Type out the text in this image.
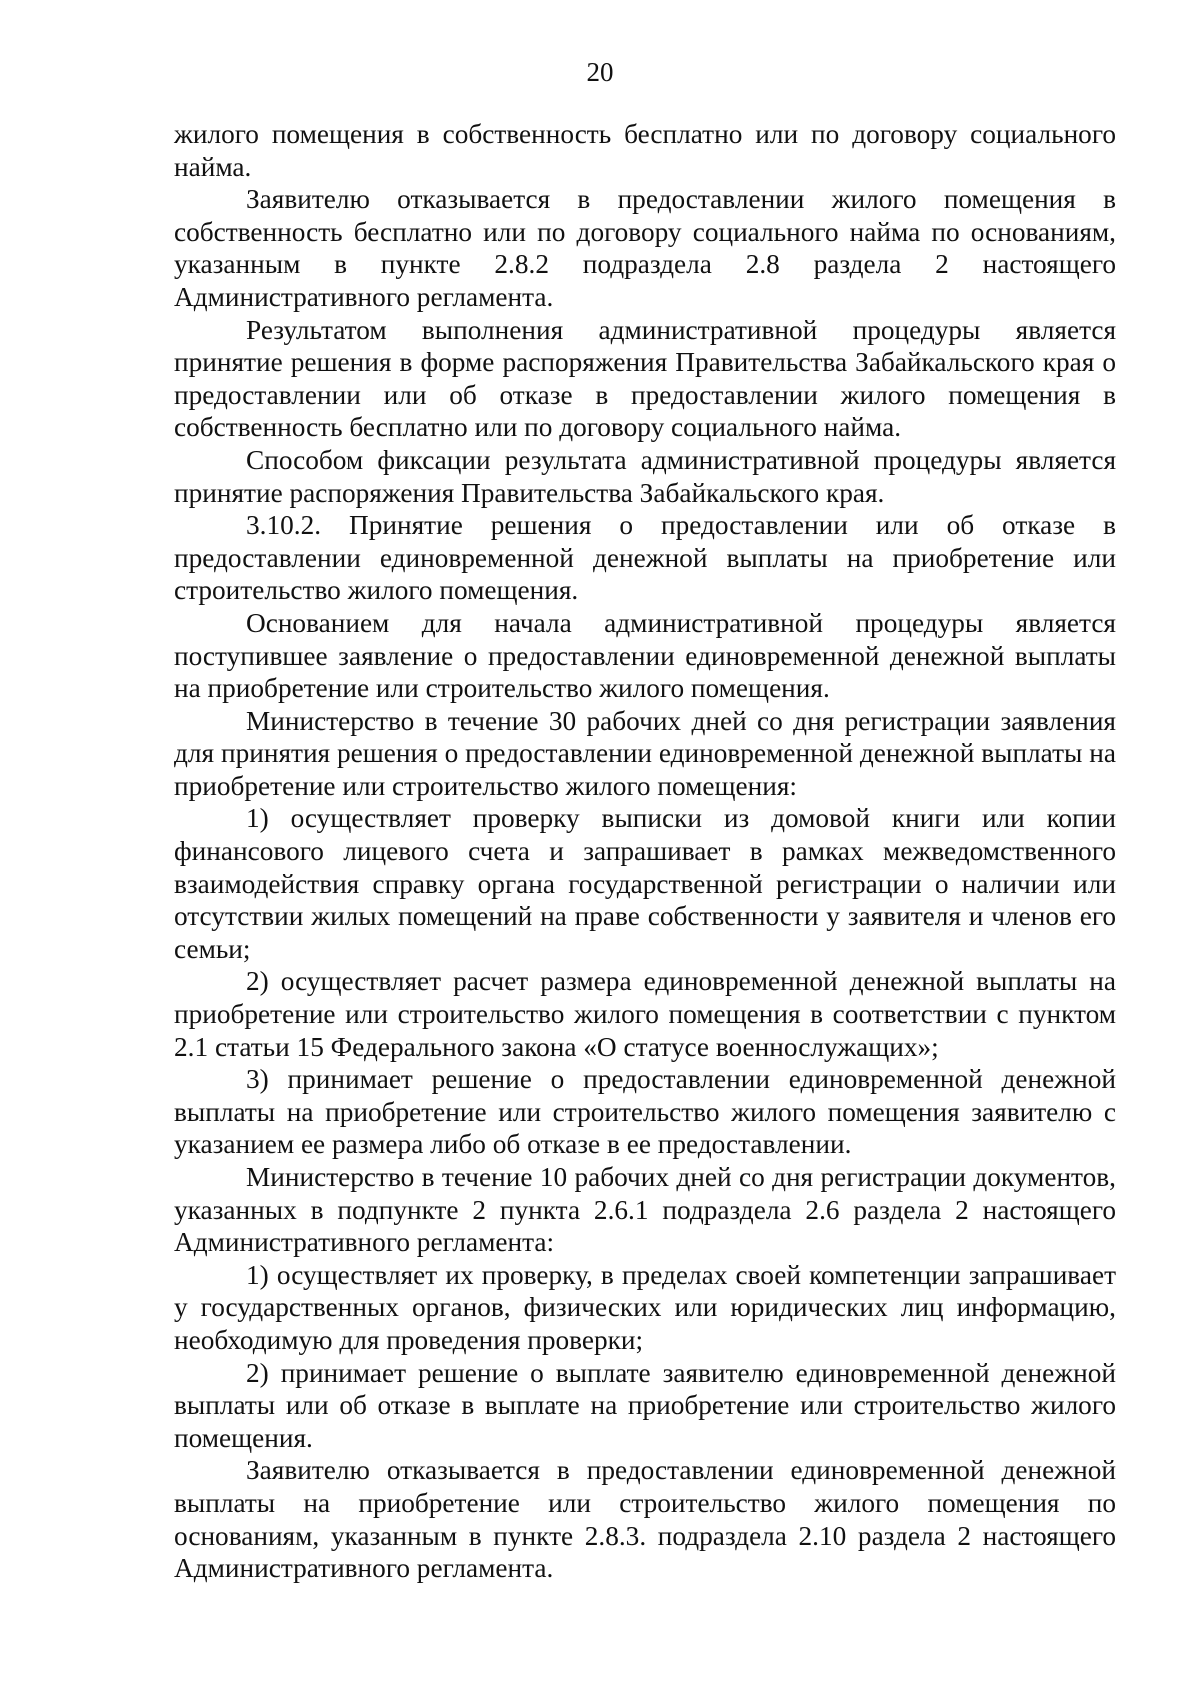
20

жилого помещения в собственность бесплатно или по договору социального найма.

Заявителю отказывается в предоставлении жилого помещения в собственность бесплатно или по договору социального найма по основаниям, указанным в пункте 2.8.2 подраздела 2.8 раздела 2 настоящего Административного регламента.

Результатом выполнения административной процедуры является принятие решения в форме распоряжения Правительства Забайкальского края о предоставлении или об отказе в предоставлении жилого помещения в собственность бесплатно или по договору социального найма.

Способом фиксации результата административной процедуры является принятие распоряжения Правительства Забайкальского края.

3.10.2. Принятие решения о предоставлении или об отказе в предоставлении единовременной денежной выплаты на приобретение или строительство жилого помещения.

Основанием для начала административной процедуры является поступившее заявление о предоставлении единовременной денежной выплаты на приобретение или строительство жилого помещения.

Министерство в течение 30 рабочих дней со дня регистрации заявления для принятия решения о предоставлении единовременной денежной выплаты на приобретение или строительство жилого помещения:

1) осуществляет проверку выписки из домовой книги или копии финансового лицевого счета и запрашивает в рамках межведомственного взаимодействия справку органа государственной регистрации о наличии или отсутствии жилых помещений на праве собственности у заявителя и членов его семьи;

2) осуществляет расчет размера единовременной денежной выплаты на приобретение или строительство жилого помещения в соответствии с пунктом 2.1 статьи 15 Федерального закона «О статусе военнослужащих»;

3) принимает решение о предоставлении единовременной денежной выплаты на приобретение или строительство жилого помещения заявителю с указанием ее размера либо об отказе в ее предоставлении.

Министерство в течение 10 рабочих дней со дня регистрации документов, указанных в подпункте 2 пункта 2.6.1 подраздела 2.6 раздела 2 настоящего Административного регламента:

1) осуществляет их проверку, в пределах своей компетенции запрашивает у государственных органов, физических или юридических лиц информацию, необходимую для проведения проверки;

2) принимает решение о выплате заявителю единовременной денежной выплаты или об отказе в выплате на приобретение или строительство жилого помещения.

Заявителю отказывается в предоставлении единовременной денежной выплаты на приобретение или строительство жилого помещения по основаниям, указанным в пункте 2.8.3. подраздела 2.10 раздела 2 настоящего Административного регламента.
